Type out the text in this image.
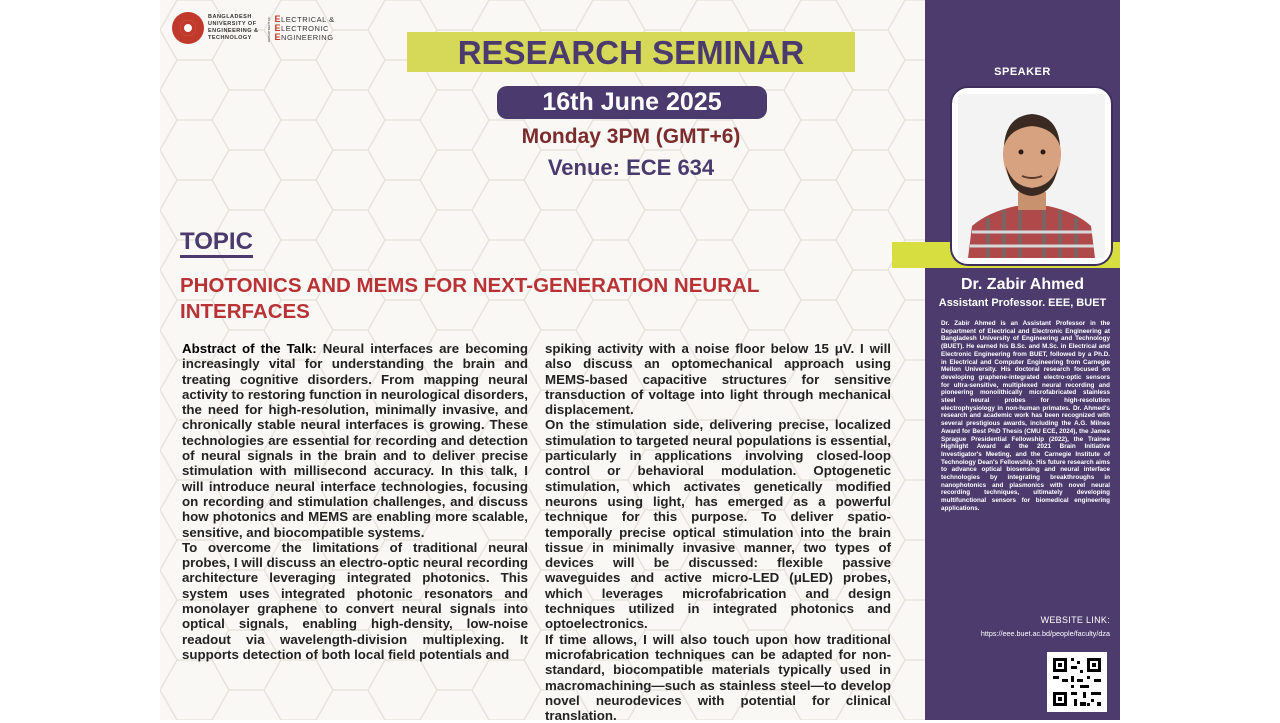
BANGLADESH
UNIVERSITY OF
ENGINEERING &
TECHNOLOGY	DEPARTMENT OF ELECTRICAL &
ELECTRONIC
ENGINEERING	RESEARCH SEMINAR
16th June 2025
Monday 3PM (GMT+6)
Venue: ECE 634
TOPIC
PHOTONICS AND MEMS FOR NEXT-GENERATION NEURAL INTERFACES

Abstract of the Talk: Neural interfaces are becoming increasingly vital for understanding the brain and treating cognitive disorders. From mapping neural activity to restoring function in neurological disorders, the need for high-resolution, minimally invasive, and chronically stable neural interfaces is growing. These technologies are essential for recording and detection of neural signals in the brain and to deliver precise stimulation with millisecond accuracy. In this talk, I will introduce neural interface technologies, focusing on recording and stimulation challenges, and discuss how photonics and MEMS are enabling more scalable, sensitive, and biocompatible systems.

To overcome the limitations of traditional neural probes, I will discuss an electro-optic neural recording architecture leveraging integrated photonics. This system uses integrated photonic resonators and monolayer graphene to convert neural signals into optical signals, enabling high-density, low-noise readout via wavelength-division multiplexing. It supports detection of both local field potentials and

spiking activity with a noise floor below 15 μV. I will also discuss an optomechanical approach using MEMS-based capacitive structures for sensitive transduction of voltage into light through mechanical displacement.

On the stimulation side, delivering precise, localized stimulation to targeted neural populations is essential, particularly in applications involving closed-loop control or behavioral modulation. Optogenetic stimulation, which activates genetically modified neurons using light, has emerged as a powerful technique for this purpose. To deliver spatio-temporally precise optical stimulation into the brain tissue in minimally invasive manner, two types of devices will be discussed: flexible passive waveguides and active micro-LED (μLED) probes, which leverages microfabrication and design techniques utilized in integrated photonics and optoelectronics.

If time allows, I will also touch upon how traditional microfabrication techniques can be adapted for non-standard, biocompatible materials typically used in macromachining—such as stainless steel—to develop novel neurodevices with potential for clinical translation.

SPEAKER
Dr. Zabir Ahmed
Assistant Professor. EEE, BUET
Dr. Zabir Ahmed is an Assistant Professor in the Department of Electrical and Electronic Engineering at Bangladesh University of Engineering and Technology (BUET). He earned his B.Sc. and M.Sc. in Electrical and Electronic Engineering from BUET, followed by a Ph.D. in Electrical and Computer Engineering from Carnegie Mellon University. His doctoral research focused on developing graphene-integrated electro-optic sensors for ultra-sensitive, multiplexed neural recording and pioneering monolithically microfabricated stainless steel neural probes for high-resolution electrophysiology in non-human primates. Dr. Ahmed's research and academic work has been recognized with several prestigious awards, including the A.G. Milnes Award for Best PhD Thesis (CMU ECE, 2024), the James Sprague Presidential Fellowship (2022), the Trainee Highlight Award at the 2021 Brain Initiative Investigator's Meeting, and the Carnegie Institute of Technology Dean's Fellowship. His future research aims to advance optical biosensing and neural interface technologies by integrating breakthroughs in nanophotonics and plasmonics with novel neural recording techniques, ultimately developing multifunctional sensors for biomedical engineering applications.
WEBSITE LINK:
https://eee.buet.ac.bd/people/faculty/dza
